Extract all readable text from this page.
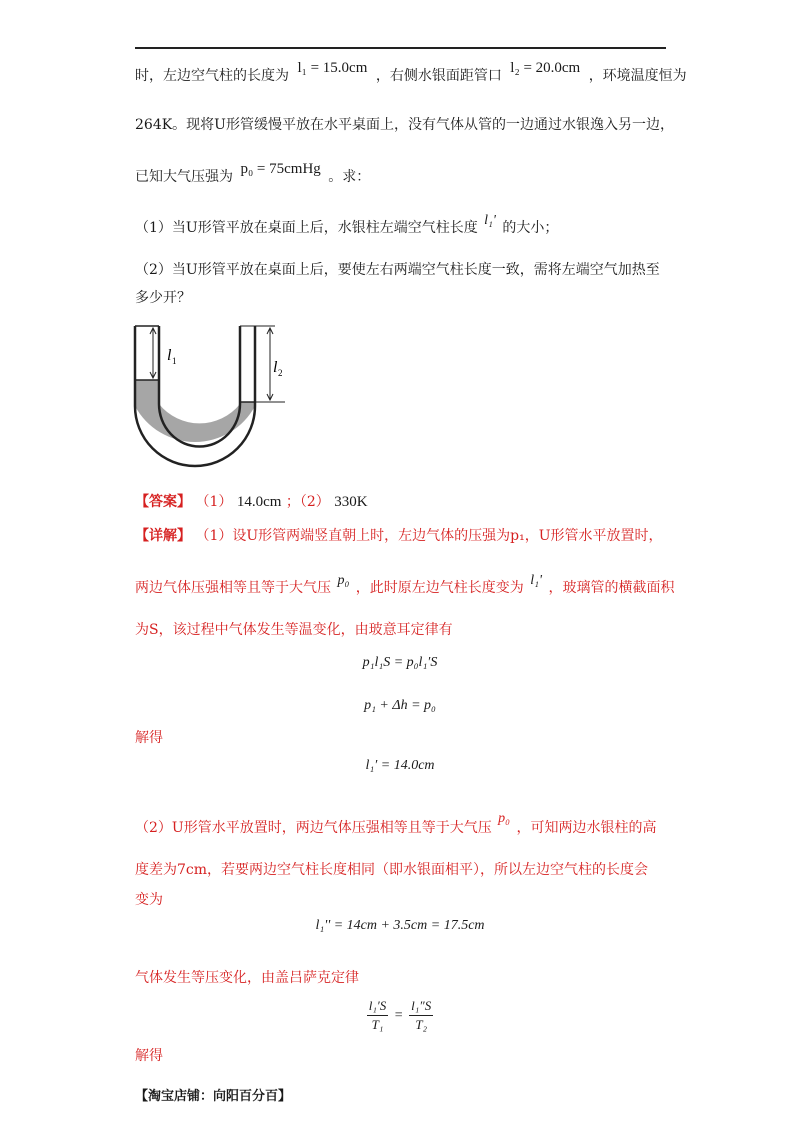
时，左边空气柱的长度为 l₁ = 15.0cm ，右侧水银面距管口 l₂ = 20.0cm ，环境温度恒为
264K。现将U形管缓慢平放在水平桌面上，没有气体从管的一边通过水银逸入另一边，
已知大气压强为 p₀ = 75cmHg 。求：
（1）当U形管平放在桌面上后，水银柱左端空气柱长度 l₁' 的大小；
（2）当U形管平放在桌面上后，要使左右两端空气柱长度一致，需将左端空气加热至
多少开？
l 1	l 2
【答案】 （1） 14.0cm ；（2） 330K
【详解】 （1）设U形管两端竖直朝上时，左边气体的压强为p₁，U形管水平放置时，
两边气体压强相等且等于大气压 p₀ ，此时原左边气柱长度变为 l₁' ，玻璃管的横截面积
为S，该过程中气体发生等温变化，由玻意耳定律有
p₁l₁S = p₀l₁′S
p₁ + Δh = p₀
解得
l₁′ = 14.0cm
（2）U形管水平放置时，两边气体压强相等且等于大气压 p₀ ，可知两边水银柱的高
度差为7cm，若要两边空气柱长度相同（即水银面相平），所以左边空气柱的长度会
变为
l₁'' = 14cm + 3.5cm = 17.5cm
气体发生等压变化，由盖吕萨克定律
$\frac{\text{l₁′S}}{\text{T₁}} = \frac{\text{l₁″S}}{\text{T₂}}$
解得
【淘宝店铺：向阳百分百】
